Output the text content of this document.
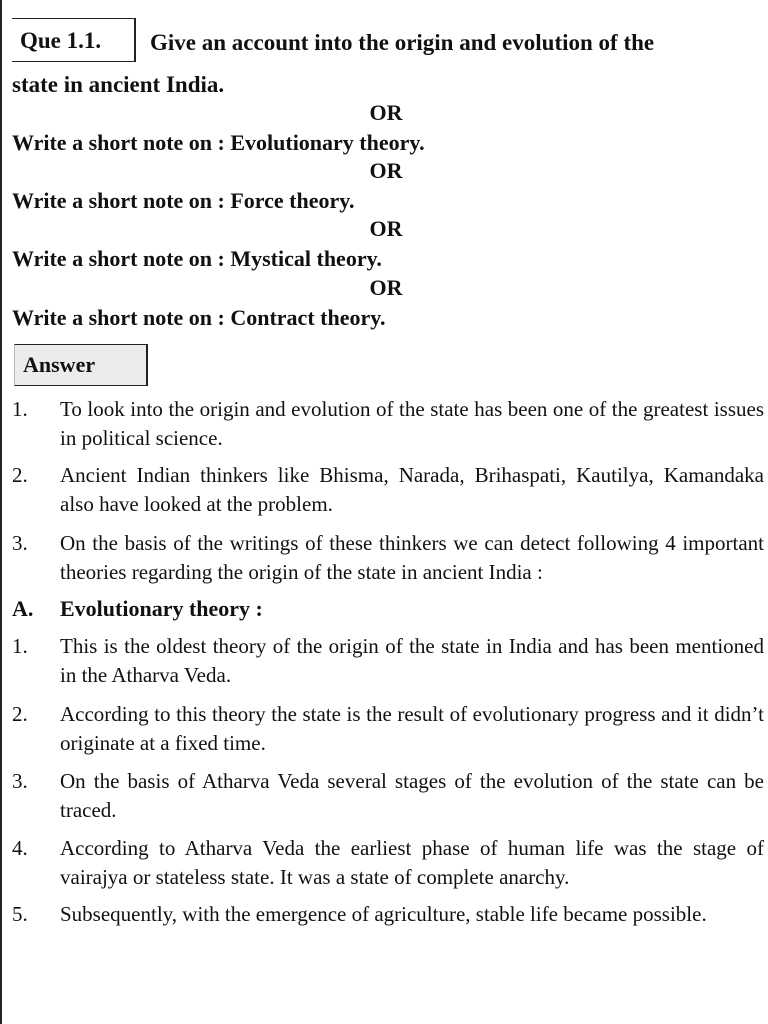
Que 1.1.	Give an account into the origin and evolution of the
state in ancient India.
OR
Write a short note on : Evolutionary theory.
OR
Write a short note on : Force theory.
OR
Write a short note on : Mystical theory.
OR
Write a short note on : Contract theory.
Answer
1.	To look into the origin and evolution of the state has been one of the greatest issues in political science.
2.	Ancient Indian thinkers like Bhisma, Narada, Brihaspati, Kautilya, Kamandaka also have looked at the problem.
3.	On the basis of the writings of these thinkers we can detect following 4 important theories regarding the origin of the state in ancient India :
A. Evolutionary theory :
1.	This is the oldest theory of the origin of the state in India and has been mentioned in the Atharva Veda.
2.	According to this theory the state is the result of evolutionary progress and it didn’t originate at a fixed time.
3.	On the basis of Atharva Veda several stages of the evolution of the state can be traced.
4.	According to Atharva Veda the earliest phase of human life was the stage of vairajya or stateless state. It was a state of complete anarchy.
5.	Subsequently, with the emergence of agriculture, stable life became possible.
